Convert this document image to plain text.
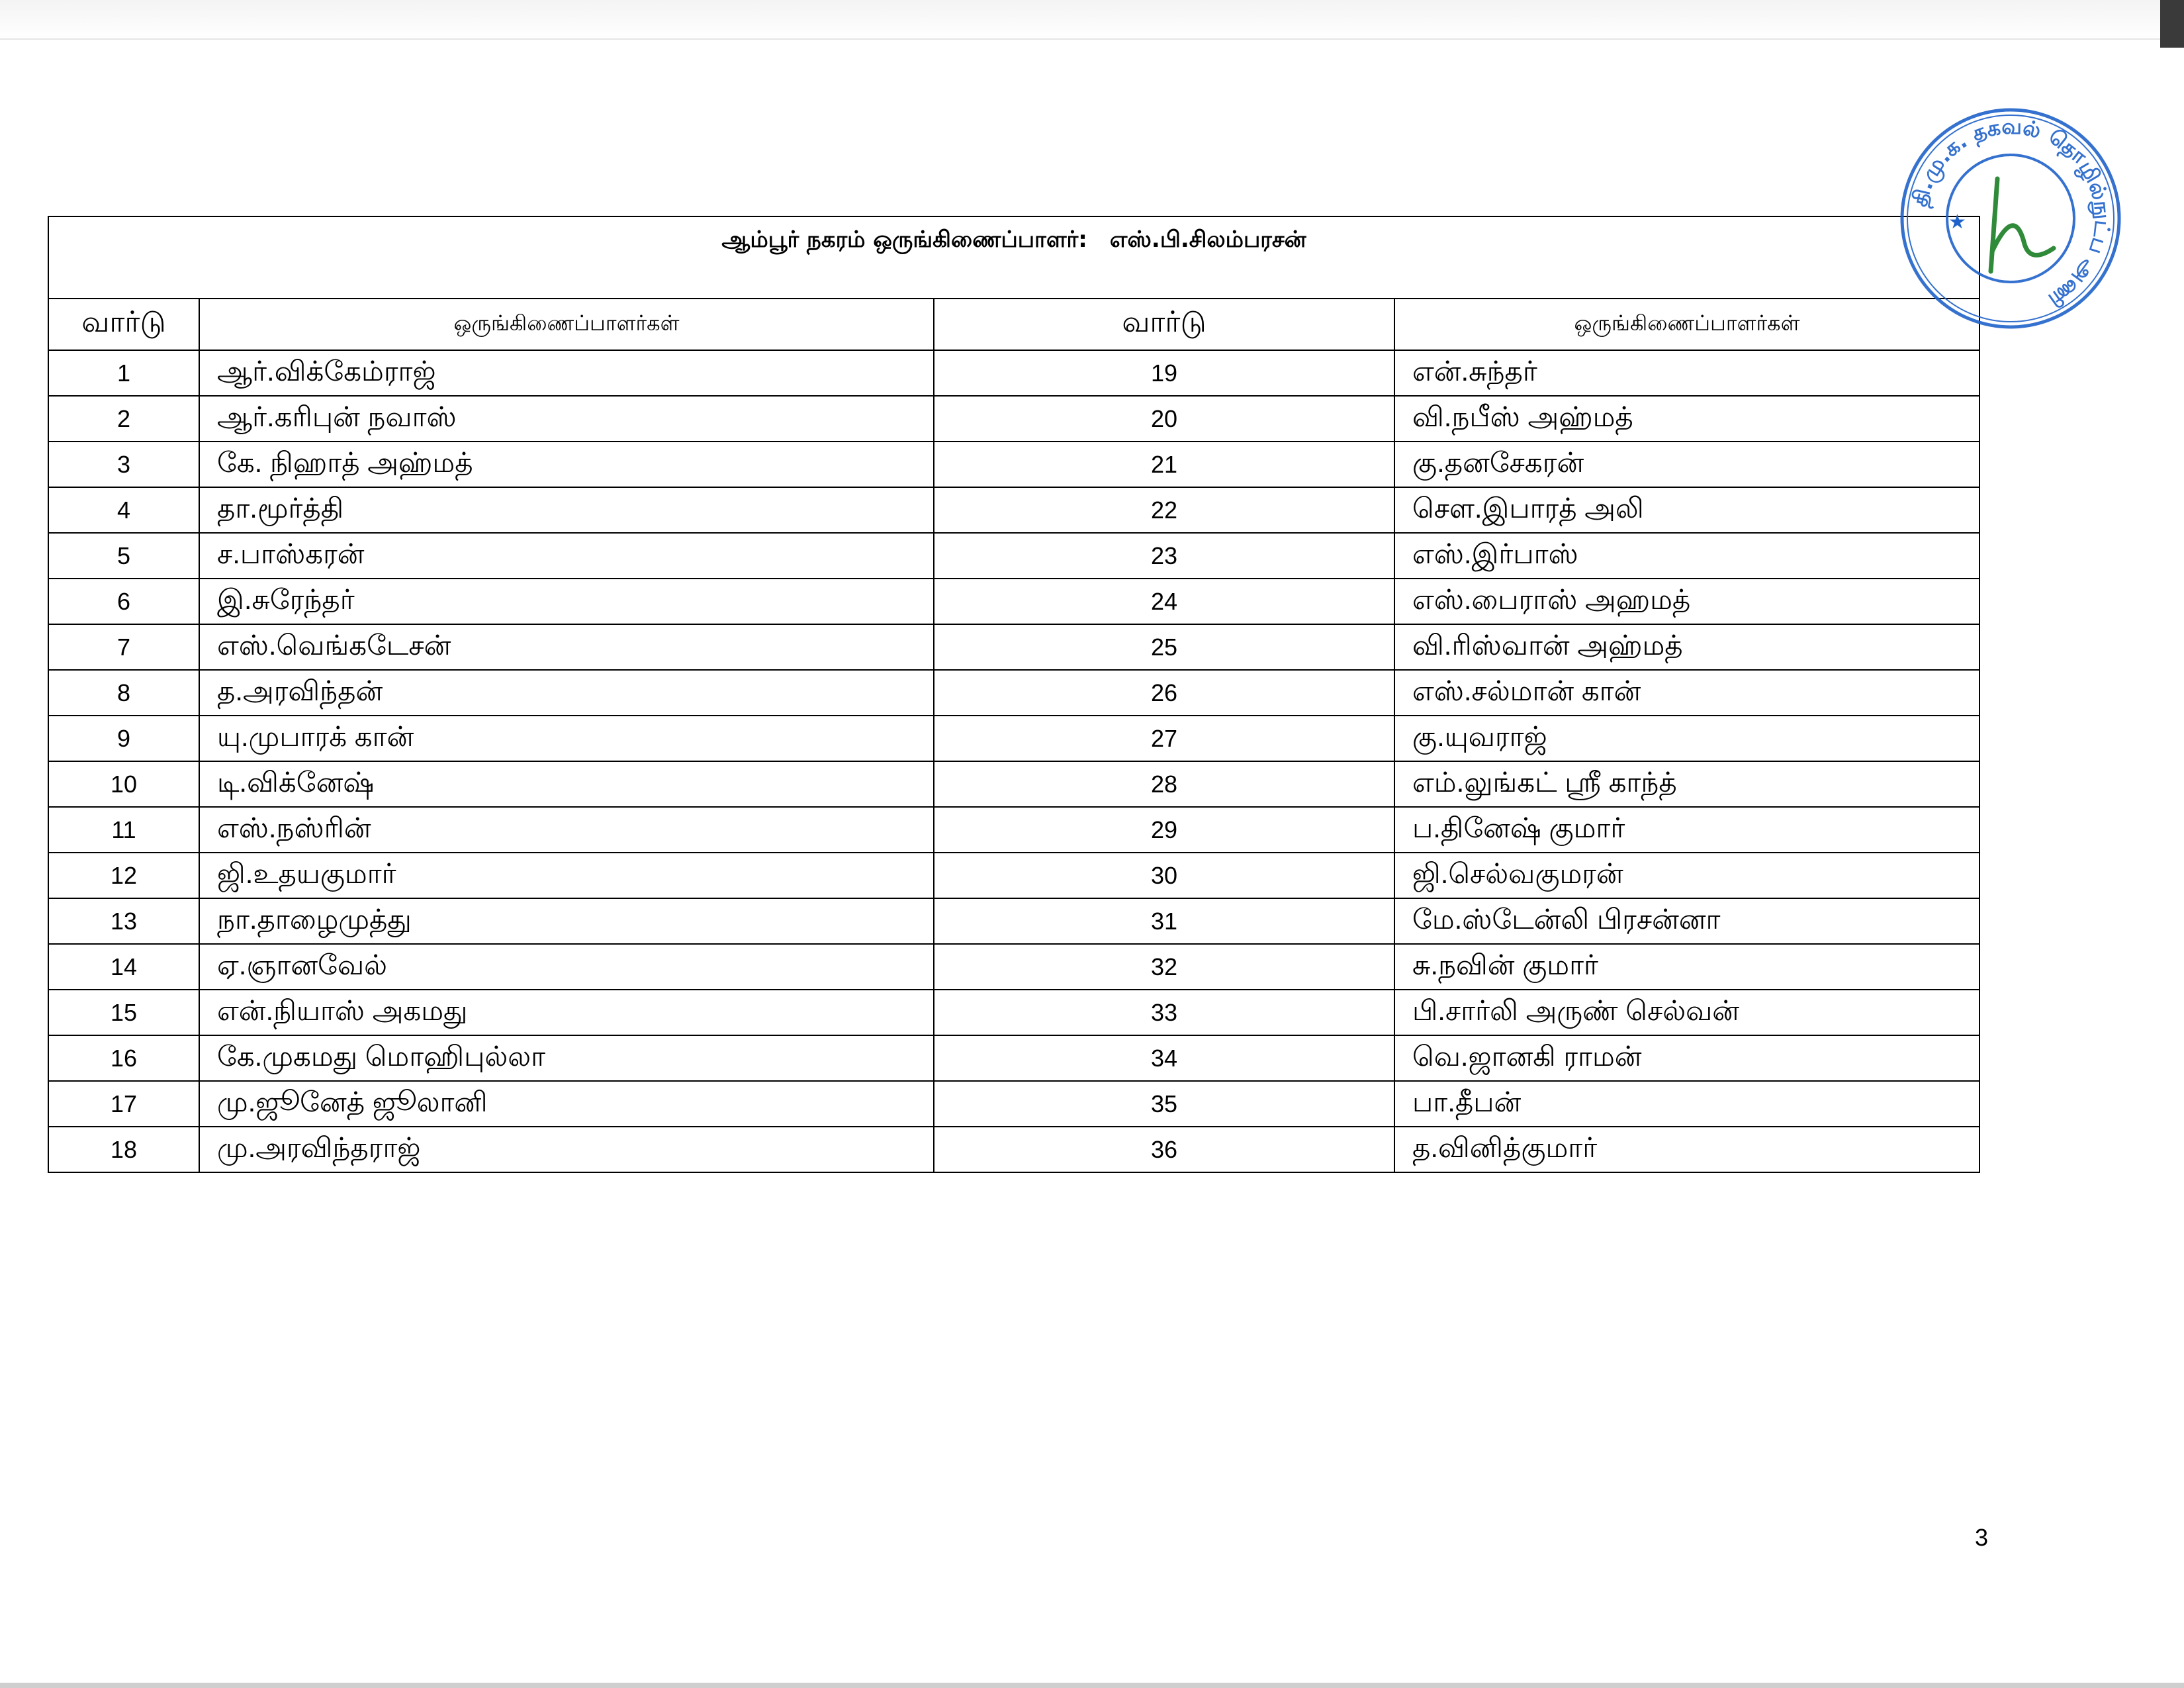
ஆம்பூர் நகரம் ஒருங்கிணைப்பாளர்: எஸ்.பி.சிலம்பரசன்			
வார்டு	ஒருங்கிணைப்பாளர்கள்	வார்டு	ஒருங்கிணைப்பாளர்கள்
1	ஆர்.விக்கேம்ராஜ்	19	என்.சுந்தர்
2	ஆர்.கரிபுன் நவாஸ்	20	வி.நபீஸ் அஹ்மத்
3	கே. நிஹாத் அஹ்மத்	21	கு.தனசேகரன்
4	தா.மூர்த்தி	22	சௌ.இபாரத் அலி
5	ச.பாஸ்கரன்	23	எஸ்.இர்பாஸ்
6	இ.சுரேந்தர்	24	எஸ்.பைராஸ் அஹமத்
7	எஸ்.வெங்கடேசன்	25	வி.ரிஸ்வான் அஹ்மத்
8	த.அரவிந்தன்	26	எஸ்.சல்மான் கான்
9	யு.முபாரக் கான்	27	கு.யுவராஜ்
10	டி.விக்னேஷ்	28	எம்.லுங்கட் ஸ்ரீ காந்த்
11	எஸ்.நஸ்ரின்	29	ப.தினேஷ் குமார்
12	ஜி.உதயகுமார்	30	ஜி.செல்வகுமரன்
13	நா.தாழைமுத்து	31	மே.ஸ்டேன்லி பிரசன்னா
14	ஏ.ஞானவேல்	32	சு.நவின் குமார்
15	என்.நியாஸ் அகமது	33	பி.சார்லி அருண் செல்வன்
16	கே.முகமது மொஹிபுல்லா	34	வெ.ஜானகி ராமன்
17	மு.ஜூனேத் ஜூலானி	35	பா.தீபன்
18	மு.அரவிந்தராஜ்	36	த.வினித்குமார்
தி.மு.க. தகவல் தொழில்நுட்ப அணி
★
3
